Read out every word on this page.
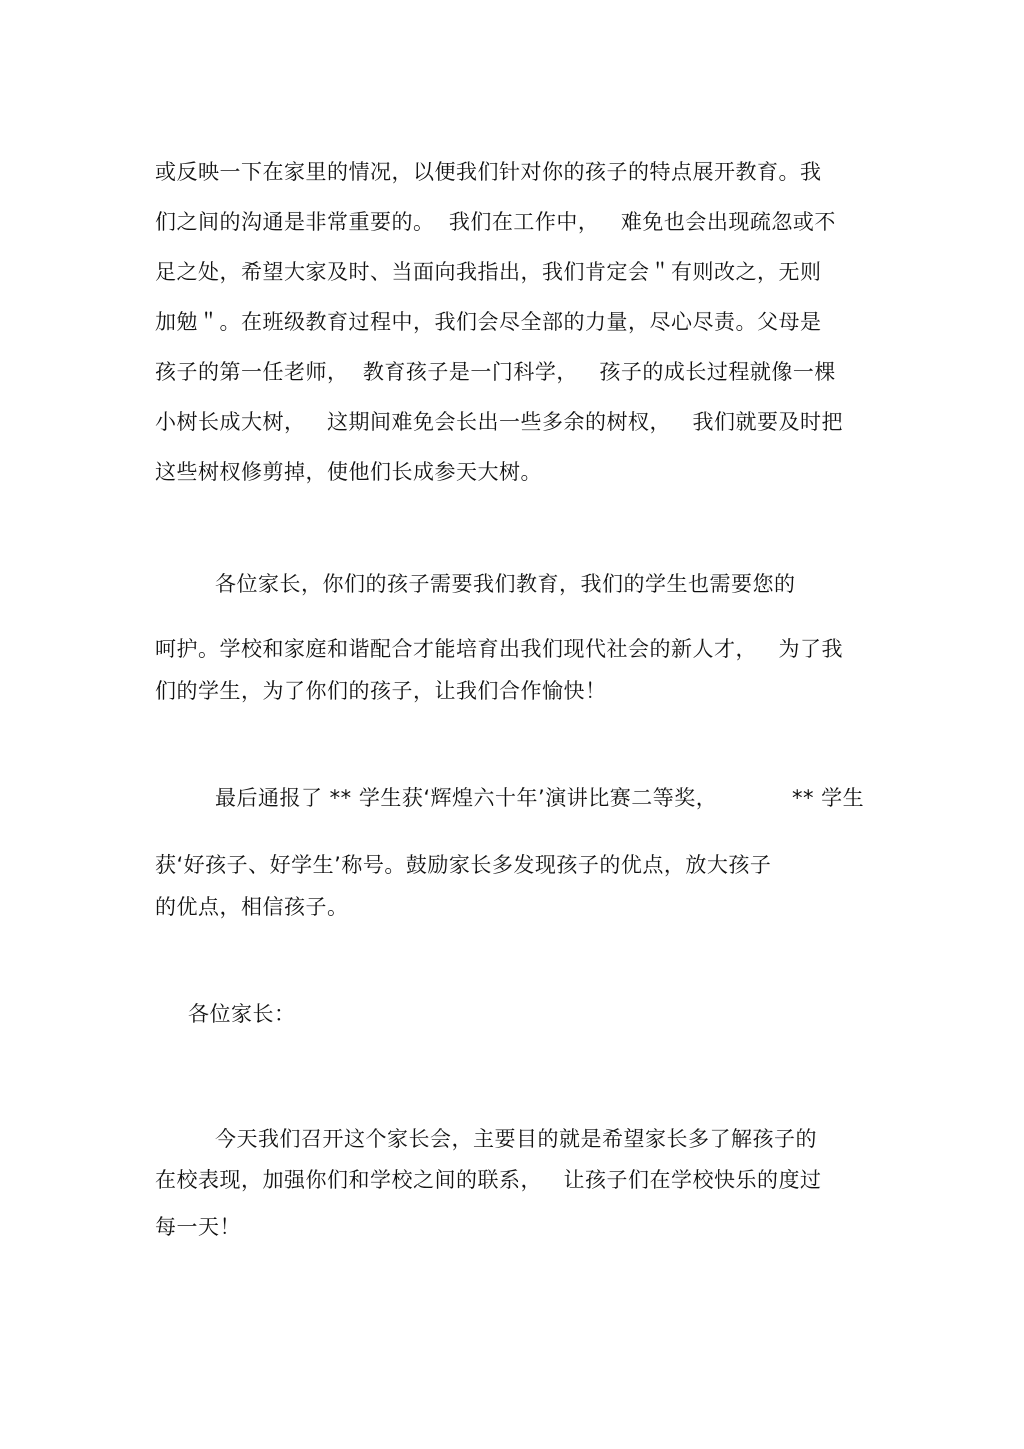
或反映一下在家里的情况，以便我们针对你的孩子的特点展开教育。我
们之间的沟通是非常重要的。  我们在工作中，   难免也会出现疏忽或不
足之处，希望大家及时、当面向我指出，我们肯定会＂有则改之，无则
加勉＂。在班级教育过程中，我们会尽全部的力量，尽心尽责。父母是
孩子的第一任老师，  教育孩子是一门科学，   孩子的成长过程就像一棵
小树长成大树，   这期间难免会长出一些多余的树杈，   我们就要及时把
这些树杈修剪掉，使他们长成参天大树。
各位家长，你们的孩子需要我们教育，我们的学生也需要您的
呵护。学校和家庭和谐配合才能培育出我们现代社会的新人才，   为了我
们的学生，为了你们的孩子，让我们合作愉快！
最后通报了 ** 学生获‘辉煌六十年’演讲比赛二等奖，	** 学生
获‘好孩子、好学生’称号。鼓励家长多发现孩子的优点，放大孩子
的优点，相信孩子。
各位家长：
今天我们召开这个家长会，主要目的就是希望家长多了解孩子的
在校表现，加强你们和学校之间的联系，   让孩子们在学校快乐的度过
每一天！
